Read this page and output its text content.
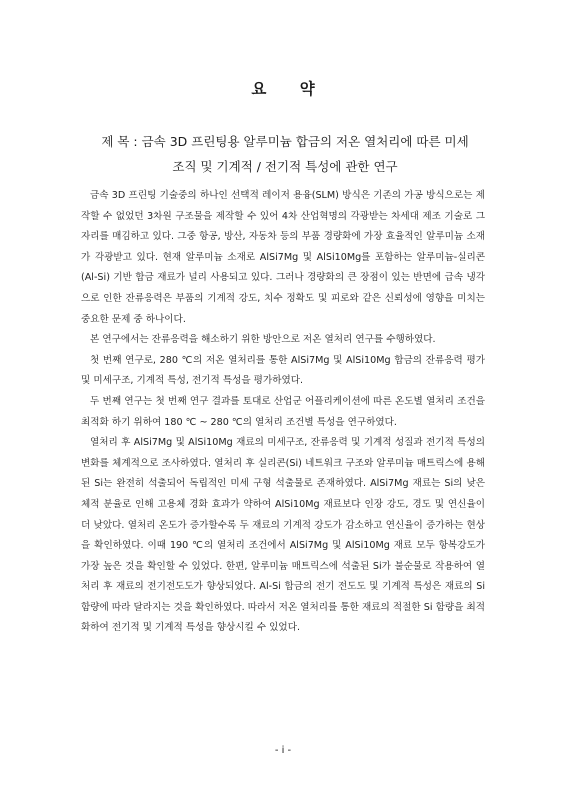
요 약
제 목 : 금속 3D 프린팅용 알루미늄 합금의 저온 열처리에 따른 미세
조직 및 기계적 / 전기적 특성에 관한 연구

금속 3D 프린팅 기술중의 하나인 선택적 레이저 용융(SLM) 방식은 기존의 가공 방식으로는 제작할 수 없었던 3차원 구조물을 제작할 수 있어 4차 산업혁명의 각광받는 차세대 제조 기술로 그 자리를 매김하고 있다. 그중 항공, 방산, 자동차 등의 부품 경량화에 가장 효율적인 알루미늄 소재가 각광받고 있다. 현재 알루미늄 소재로 AlSi7Mg 및 AlSi10Mg를 포함하는 알루미늄-실리콘(Al-Si) 기반 합금 재료가 널리 사용되고 있다. 그러나 경량화의 큰 장점이 있는 반면에 급속 냉각으로 인한 잔류응력은 부품의 기계적 강도, 치수 정확도 및 피로와 같은 신뢰성에 영향을 미치는 중요한 문제 중 하나이다.

본 연구에서는 잔류응력을 해소하기 위한 방안으로 저온 열처리 연구를 수행하였다.

첫 번째 연구로, 280 ℃의 저온 열처리를 통한 AlSi7Mg 및 AlSi10Mg 합금의 잔류응력 평가 및 미세구조, 기계적 특성, 전기적 특성을 평가하였다.

두 번째 연구는 첫 번째 연구 결과를 토대로 산업군 어플리케이션에 따른 온도별 열처리 조건을 최적화 하기 위하여 180 ℃ ~ 280 ℃의 열처리 조건별 특성을 연구하였다.

열처리 후 AlSi7Mg 및 AlSi10Mg 재료의 미세구조, 잔류응력 및 기계적 성질과 전기적 특성의 변화를 체계적으로 조사하였다. 열처리 후 실리콘(Si) 네트워크 구조와 알루미늄 매트릭스에 용해된 Si는 완전히 석출되어 독립적인 미세 구형 석출물로 존재하였다. AlSi7Mg 재료는 Si의 낮은 체적 분율로 인해 고용체 경화 효과가 약하여 AlSi10Mg 재료보다 인장 강도, 경도 및 연신율이 더 낮았다. 열처리 온도가 증가할수록 두 재료의 기계적 강도가 감소하고 연신율이 증가하는 현상을 확인하였다. 이때 190 ℃의 열처리 조건에서 AlSi7Mg 및 AlSi10Mg 재료 모두 항복강도가 가장 높은 것을 확인할 수 있었다. 한편, 알루미늄 매트릭스에 석출된 Si가 불순물로 작용하여 열처리 후 재료의 전기전도도가 향상되었다. Al-Si 합금의 전기 전도도 및 기계적 특성은 재료의 Si 함량에 따라 달라지는 것을 확인하였다. 따라서 저온 열처리를 통한 재료의 적절한 Si 함량을 최적화하여 전기적 및 기계적 특성을 향상시킬 수 있었다.

- i -
